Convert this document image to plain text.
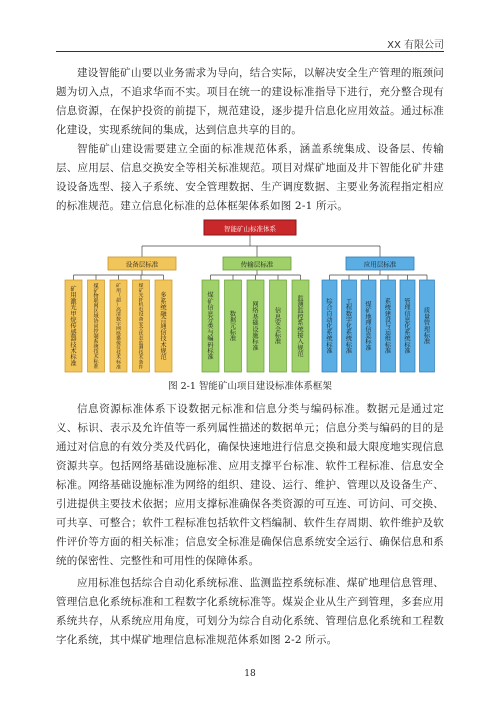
XX 有限公司

建设智能矿山要以业务需求为导向，结合实际，以解决安全生产管理的瓶颈问题为切入点，不追求华而不实。项目在统一的建设标准指导下进行，充分整合现有信息资源，在保护投资的前提下，规范建设，逐步提升信息化应用效益。通过标准化建设，实现系统间的集成，达到信息共享的目的。

智能矿山建设需要建立全面的标准规范体系，涵盖系统集成、设备层、传输层、应用层、信息交换安全等相关标准规范。项目对煤矿地面及井下智能化矿井建设设备选型、接入子系统、安全管理数据、生产调度数据、主要业务流程指定相应的标准规范。建立信息化标准的总体框架体系如图 2-1 所示。

智能矿山标准体系
设备层标准
矿用激光甲烷传感器技术标准
煤矿物联网区域协同控制系统技术标准
矿用（超）高清数字网络摄像仪技术标准
煤矿光纤机电设备安全状态监测技术条件
多系统融合通信技术规范
传输层标准
煤矿信息分类与编码标准
数据元标准
网络基础设施标准
信息安全标准
监测监控系统接入规范
应用层标准
综合自动化系统标准
工程数字化系统标准
煤矿地理信息标准
系统建设与运维标准
管理信息化系统标准
质量管理标准
图 2-1 智能矿山项目建设标准体系框架

信息资源标准体系下设数据元标准和信息分类与编码标准。数据元是通过定义、标识、表示及允许值等一系列属性描述的数据单元；信息分类与编码的目的是通过对信息的有效分类及代码化，确保快速地进行信息交换和最大限度地实现信息资源共享。包括网络基础设施标准、应用支撑平台标准、软件工程标准、信息安全标准。网络基础设施标准为网络的组织、建设、运行、维护、管理以及设备生产、引进提供主要技术依据；应用支撑标准确保各类资源的可互连、可访问、可交换、可共享、可整合；软件工程标准包括软件文档编制、软件生存周期、软件维护及软件评价等方面的相关标准；信息安全标准是确保信息系统安全运行、确保信息和系统的保密性、完整性和可用性的保障体系。

应用标准包括综合自动化系统标准、监测监控系统标准、煤矿地理信息管理、管理信息化系统标准和工程数字化系统标准等。煤炭企业从生产到管理，多套应用系统共存，从系统应用角度，可划分为综合自动化系统、管理信息化系统和工程数字化系统，其中煤矿地理信息标准规范体系如图 2-2 所示。

18
